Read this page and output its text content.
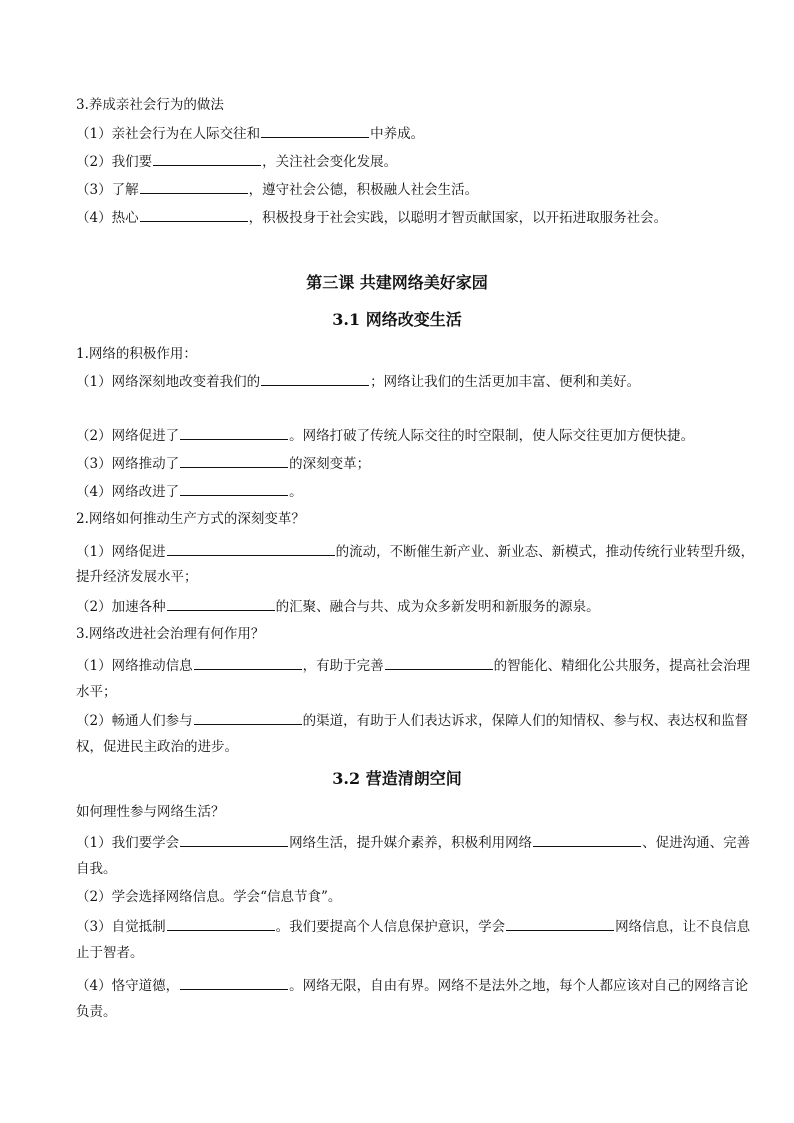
3.养成亲社会行为的做法
（1）亲社会行为在人际交往和	中养成。
（2）我们要	，关注社会变化发展。
（3）了解	，遵守社会公德，积极融人社会生活。
（4）热心	，积极投身于社会实践，以聪明才智贡献国家，以开拓进取服务社会。
第三课 共建网络美好家园
3.1 网络改变生活
1.网络的积极作用：
（1）网络深刻地改变着我们的	；网络让我们的生活更加丰富、便利和美好。
（2）网络促进了	。网络打破了传统人际交往的时空限制，使人际交往更加方便快捷。
（3）网络推动了	的深刻变革；
（4）网络改进了	。
2.网络如何推动生产方式的深刻变革？
（1）网络促进	的流动，不断催生新产业、新业态、新模式，推动传统行业转型升级，
提升经济发展水平；
（2）加速各种	的汇聚、融合与共、成为众多新发明和新服务的源泉。
3.网络改进社会治理有何作用？
（1）网络推动信息	，有助于完善	的智能化、精细化公共服务，提高社会治理
水平；
（2）畅通人们参与	的渠道，有助于人们表达诉求，保障人们的知情权、参与权、表达权和监督
权，促进民主政治的进步。
3.2 营造清朗空间
如何理性参与网络生活？
（1）我们要学会	网络生活，提升媒介素养，积极利用网络	、促进沟通、完善
自我。
（2）学会选择网络信息。学会“信息节食”。
（3）自觉抵制	。我们要提高个人信息保护意识，学会	网络信息，让不良信息
止于智者。
（4）恪守道德，	。网络无限，自由有界。网络不是法外之地，每个人都应该对自己的网络言论
负责。
